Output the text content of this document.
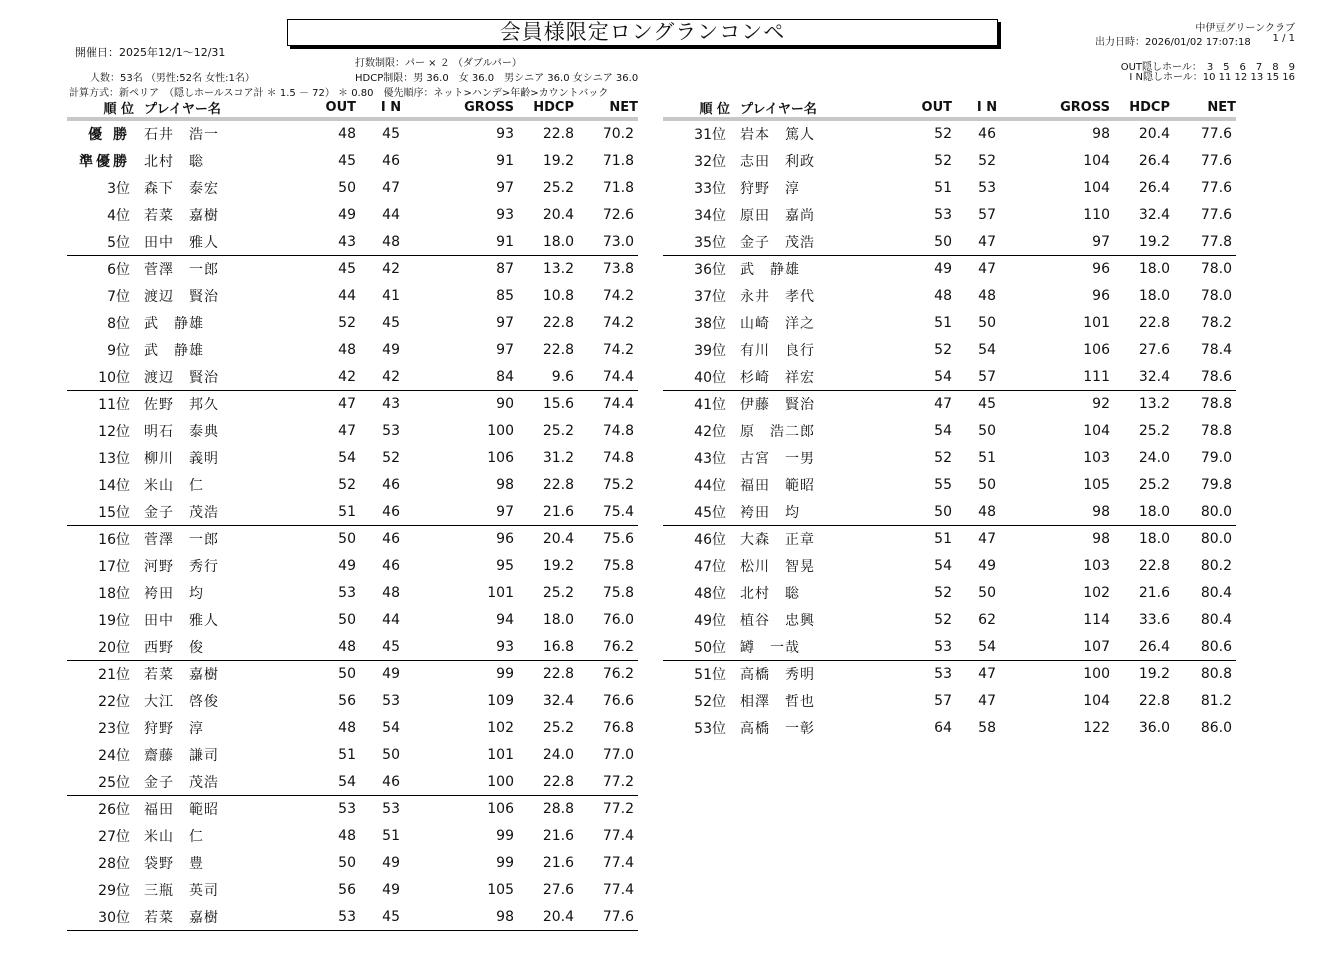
会員様限定ロングランコンペ	中伊豆グリーンクラブ
出力日時：2026/01/02 17:07:18 1 / 1
OUT隠しホール：　3　5　6　7　8　9
I N隠しホール：10 11 12 13 15 16
開催日：2025年12/1～12/31
人数：53名 （男性:52名 女性:1名）
計算方式：新ペリア　（隠しホールスコア計 ＊ 1.5 － 72） ＊ 0.80　優先順序：ネット>ハンデ>年齢>カウントバック
打数制限：パー × ２ （ダブルパー）
HDCP制限：男 36.0　女 36.0　男シニア 36.0 女シニア 36.0
順 位	プレイヤー名	OUT	I N	GROSS	HDCP	NET
優 勝	石井　浩一	48	45	93	22.8	70.2
準優勝	北村　聡	45	46	91	19.2	71.8
3位	森下　泰宏	50	47	97	25.2	71.8
4位	若菜　嘉樹	49	44	93	20.4	72.6
5位	田中　雅人	43	48	91	18.0	73.0
6位	菅澤　一郎	45	42	87	13.2	73.8
7位	渡辺　賢治	44	41	85	10.8	74.2
8位	武　静雄	52	45	97	22.8	74.2
9位	武　静雄	48	49	97	22.8	74.2
10位	渡辺　賢治	42	42	84	9.6	74.4
11位	佐野　邦久	47	43	90	15.6	74.4
12位	明石　泰典	47	53	100	25.2	74.8
13位	柳川　義明	54	52	106	31.2	74.8
14位	米山　仁	52	46	98	22.8	75.2
15位	金子　茂浩	51	46	97	21.6	75.4
16位	菅澤　一郎	50	46	96	20.4	75.6
17位	河野　秀行	49	46	95	19.2	75.8
18位	袴田　均	53	48	101	25.2	75.8
19位	田中　雅人	50	44	94	18.0	76.0
20位	西野　俊	48	45	93	16.8	76.2
21位	若菜　嘉樹	50	49	99	22.8	76.2
22位	大江　啓俊	56	53	109	32.4	76.6
23位	狩野　淳	48	54	102	25.2	76.8
24位	齋藤　謙司	51	50	101	24.0	77.0
25位	金子　茂浩	54	46	100	22.8	77.2
26位	福田　範昭	53	53	106	28.8	77.2
27位	米山　仁	48	51	99	21.6	77.4
28位	袋野　豊	50	49	99	21.6	77.4
29位	三瓶　英司	56	49	105	27.6	77.4
30位	若菜　嘉樹	53	45	98	20.4	77.6
順 位	プレイヤー名	OUT	I N	GROSS	HDCP	NET
31位	岩本　篤人	52	46	98	20.4	77.6
32位	志田　利政	52	52	104	26.4	77.6
33位	狩野　淳	51	53	104	26.4	77.6
34位	原田　嘉尚	53	57	110	32.4	77.6
35位	金子　茂浩	50	47	97	19.2	77.8
36位	武　静雄	49	47	96	18.0	78.0
37位	永井　孝代	48	48	96	18.0	78.0
38位	山崎　洋之	51	50	101	22.8	78.2
39位	有川　良行	52	54	106	27.6	78.4
40位	杉崎　祥宏	54	57	111	32.4	78.6
41位	伊藤　賢治	47	45	92	13.2	78.8
42位	原　浩二郎	54	50	104	25.2	78.8
43位	古宮　一男	52	51	103	24.0	79.0
44位	福田　範昭	55	50	105	25.2	79.8
45位	袴田　均	50	48	98	18.0	80.0
46位	大森　正章	51	47	98	18.0	80.0
47位	松川　智晃	54	49	103	22.8	80.2
48位	北村　聡	52	50	102	21.6	80.4
49位	植谷　忠興	52	62	114	33.6	80.4
50位	罇　一哉	53	54	107	26.4	80.6
51位	高橋　秀明	53	47	100	19.2	80.8
52位	相澤　哲也	57	47	104	22.8	81.2
53位	高橋　一彰	64	58	122	36.0	86.0
